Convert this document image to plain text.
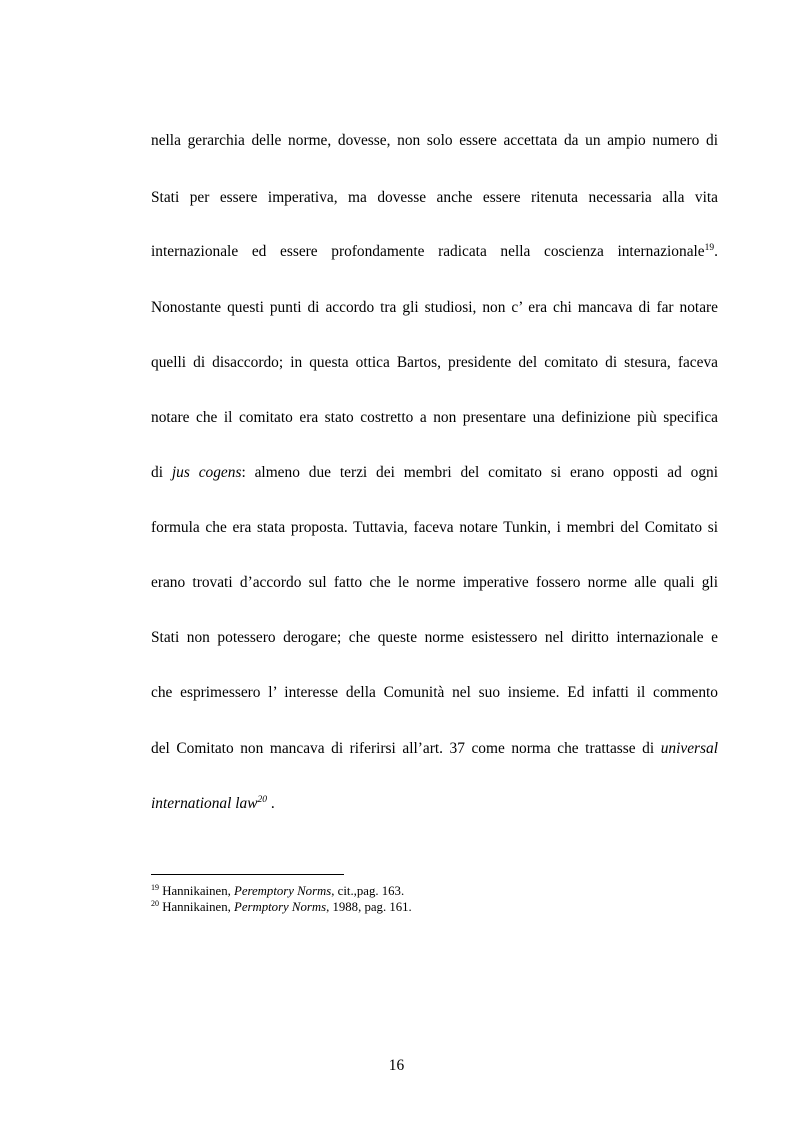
nella gerarchia delle norme, dovesse, non solo essere accettata da un ampio numero di
Stati per essere imperativa, ma dovesse anche essere ritenuta necessaria alla vita
internazionale ed essere profondamente radicata nella coscienza internazionale$^{19}$.
Nonostante questi punti di accordo tra gli studiosi, non c’ era chi mancava di far notare
quelli di disaccordo; in questa ottica Bartos, presidente del comitato di stesura, faceva
notare che il comitato era stato costretto a non presentare una definizione più specifica
di jus cogens: almeno due terzi dei membri del comitato si erano opposti ad ogni
formula che era stata proposta. Tuttavia, faceva notare Tunkin, i membri del Comitato si
erano trovati d’accordo sul fatto che le norme imperative fossero norme alle quali gli
Stati non potessero derogare; che queste norme esistessero nel diritto internazionale e
che esprimessero l’ interesse della Comunità nel suo insieme. Ed infatti il commento
del Comitato non mancava di riferirsi all’art. 37 come norma che trattasse di universal
international law$^{20}$ .
$^{19}$ Hannikainen, Peremptory Norms, cit.,pag. 163.
$^{20}$ Hannikainen, Permptory Norms, 1988, pag. 161.
16
